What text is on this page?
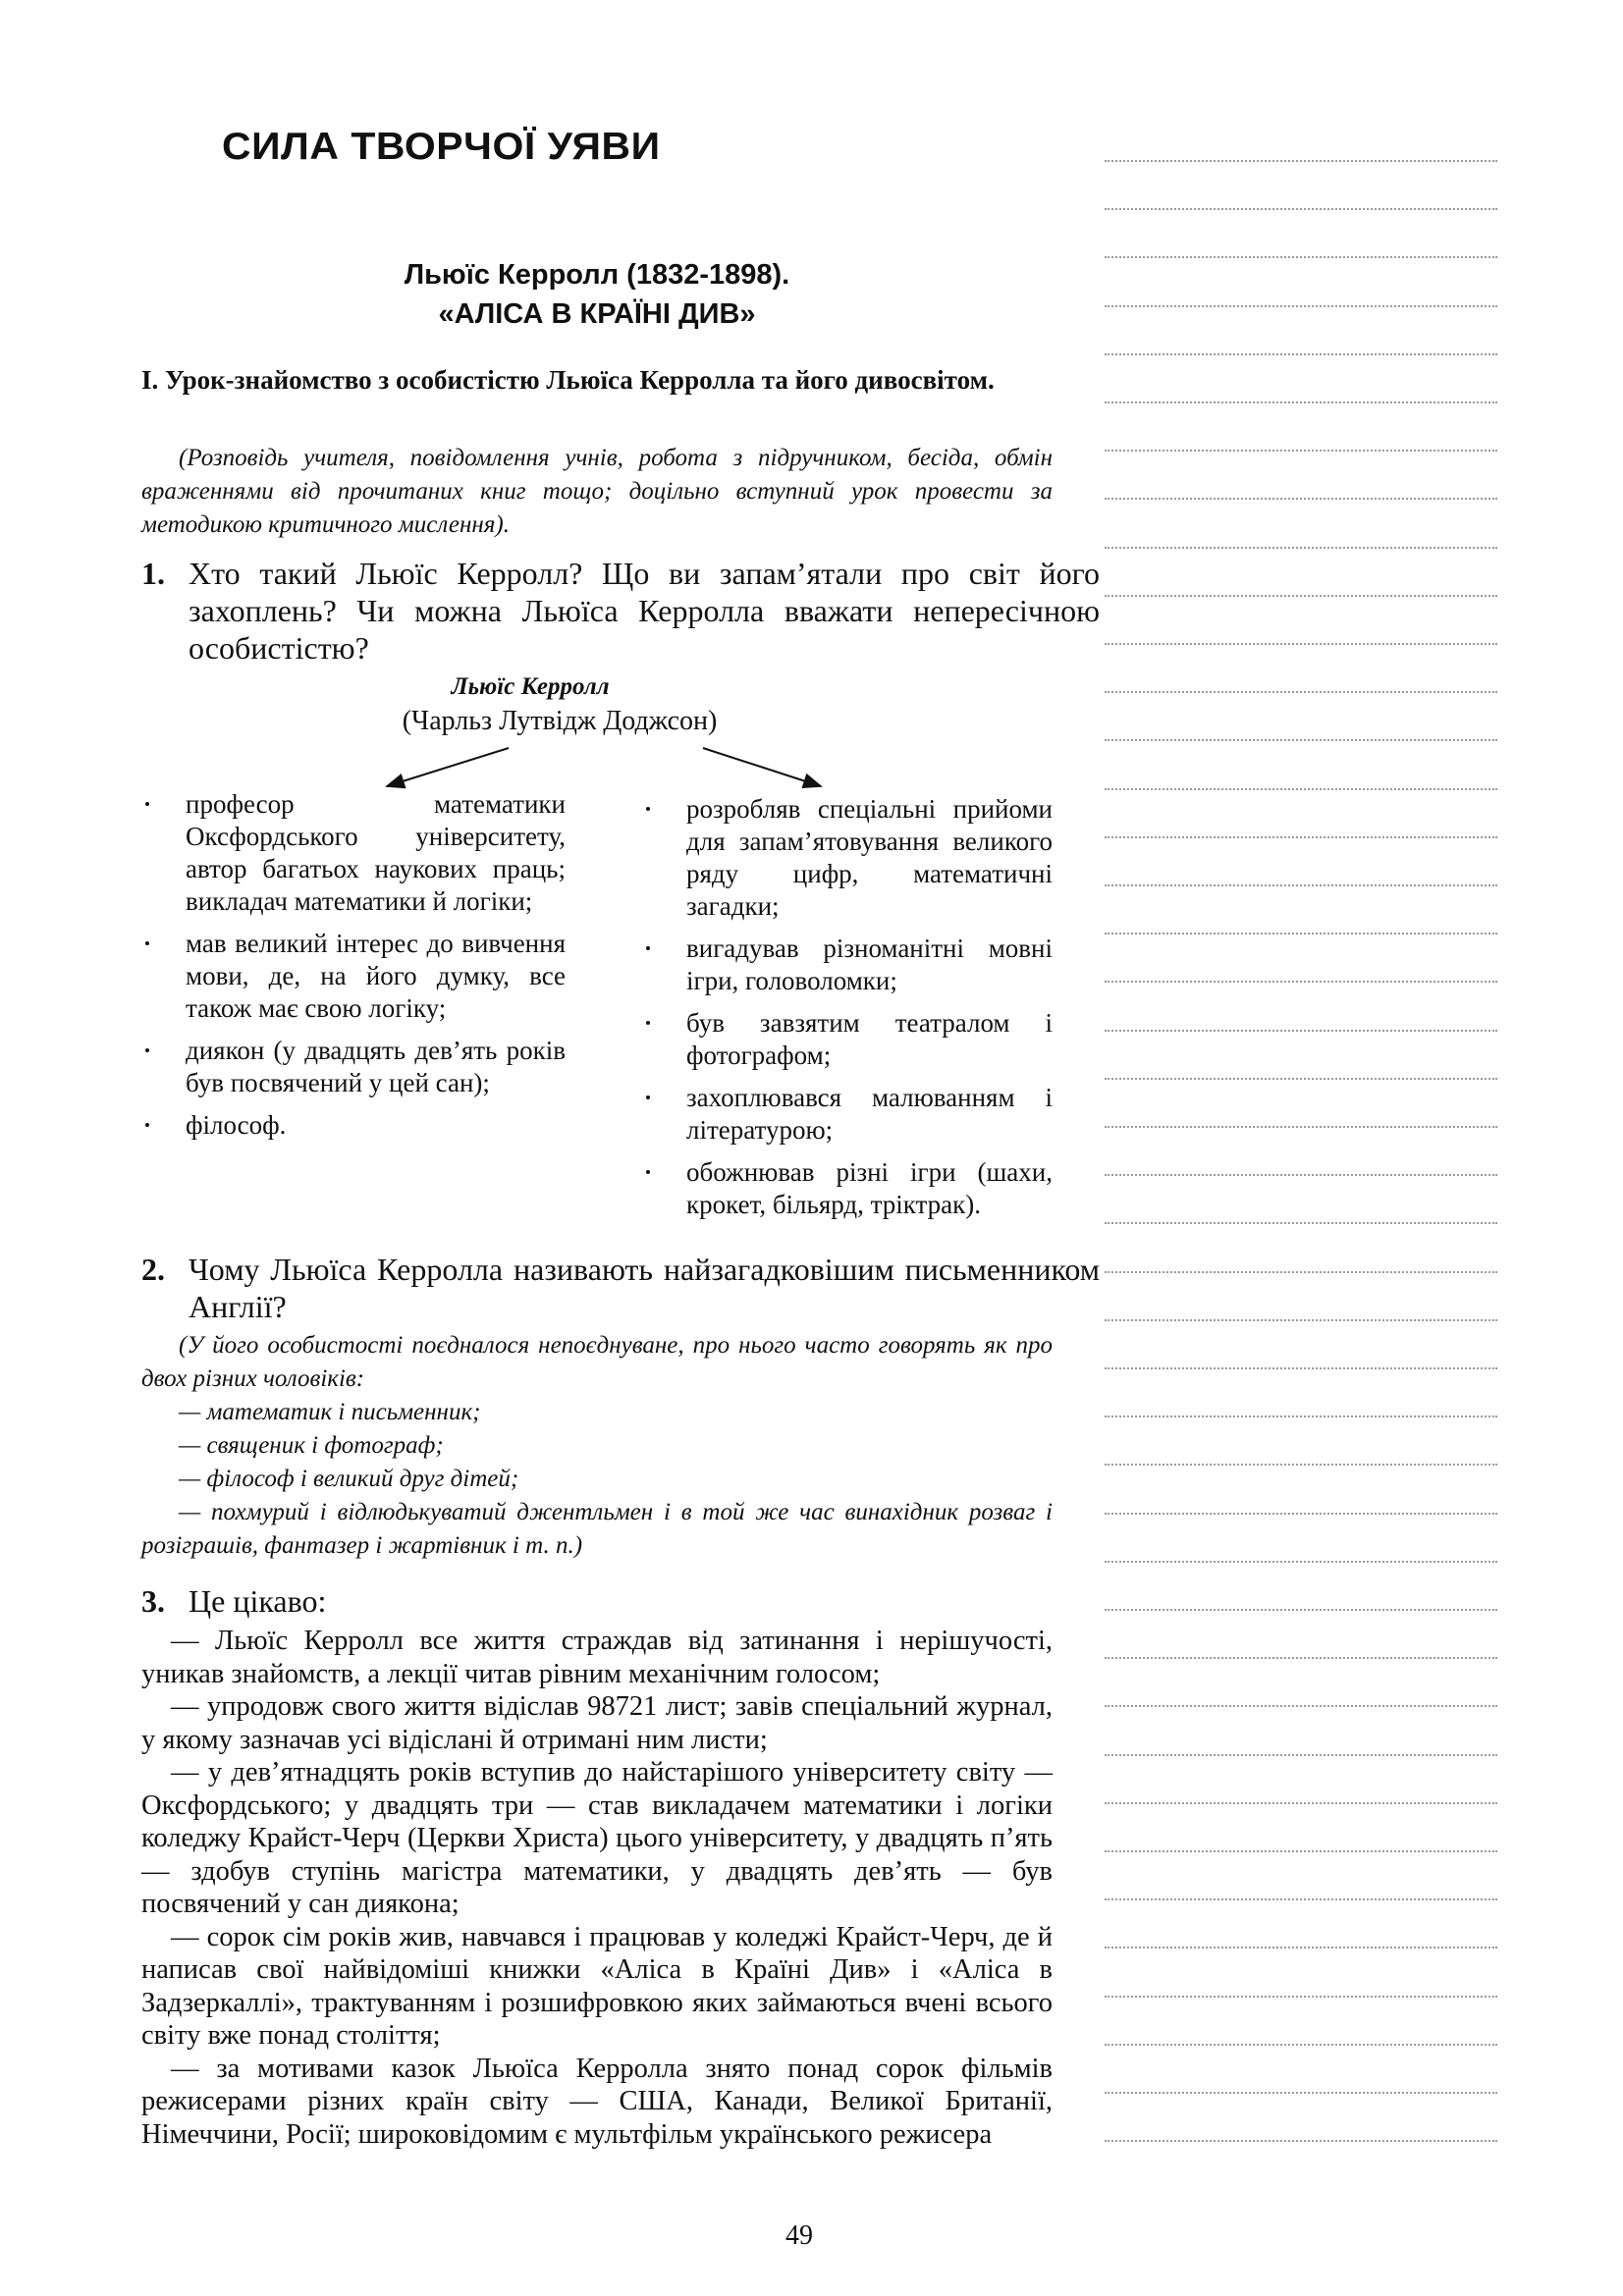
СИЛА ТВОРЧОЇ УЯВИ
Льюїс Керролл (1832-1898).
«АЛІСА В КРАЇНІ ДИВ»

І. Урок-знайомство з особистістю Льюїса Керролла та його дивосвітом.

(Розповідь учителя, повідомлення учнів, робота з підручником, бесіда, обмін враженнями від прочитаних книг тощо; доцільно вступний урок провести за методикою критичного мислення).

1. Хто такий Льюїс Керролл? Що ви запам’ятали про світ його захоплень? Чи можна Льюїса Керролла вважати непересічною особистістю?

Льюїс Керролл

(Чарльз Лутвідж Доджсон)

професор математики Оксфордського університету, автор багатьох наукових праць; викладач математики й логіки;
мав великий інтерес до вивчення мови, де, на його думку, все також має свою логіку;
диякон (у двадцять дев’ять років був посвячений у цей сан);
філософ.
розробляв спеціальні прийоми для запам’ятовування великого ряду цифр, математичні загадки;
вигадував різноманітні мовні ігри, головоломки;
був завзятим театралом і фотографом;
захоплювався малюванням і літературою;
обожнював різні ігри (шахи, крокет, більярд, тріктрак).

2. Чому Льюїса Керролла називають найзагадковішим письменником Англії?

(У його особистості поєдналося непоєднуване, про нього часто говорять як про двох різних чоловіків:

— математик і письменник;

— священик і фотограф;

— філософ і великий друг дітей;

— похмурий і відлюдькуватий джентльмен і в той же час винахідник розваг і розіграшів, фантазер і жартівник і т. п.)

3. Це цікаво:

— Льюїс Керролл все життя страждав від затинання і нерішучості, уникав знайомств, а лекції читав рівним механічним голосом;

— упродовж свого життя відіслав 98721 лист; завів спеціальний журнал, у якому зазначав усі відіслані й отримані ним листи;

— у дев’ятнадцять років вступив до найстарішого університету світу — Оксфордського; у двадцять три — став викладачем математики і логіки коледжу Крайст-Черч (Церкви Христа) цього університету, у двадцять п’ять — здобув ступінь магістра математики, у двадцять дев’ять — був посвячений у сан диякона;

— сорок сім років жив, навчався і працював у коледжі Крайст-Черч, де й написав свої найвідоміші книжки «Аліса в Країні Див» і «Аліса в Задзеркаллі», трактуванням і розшифровкою яких займаються вчені всього світу вже понад століття;

— за мотивами казок Льюїса Керролла знято понад сорок фільмів режисерами різних країн світу — США, Канади, Великої Британії, Німеччини, Росії; широковідомим є мультфільм українського режисера

49
